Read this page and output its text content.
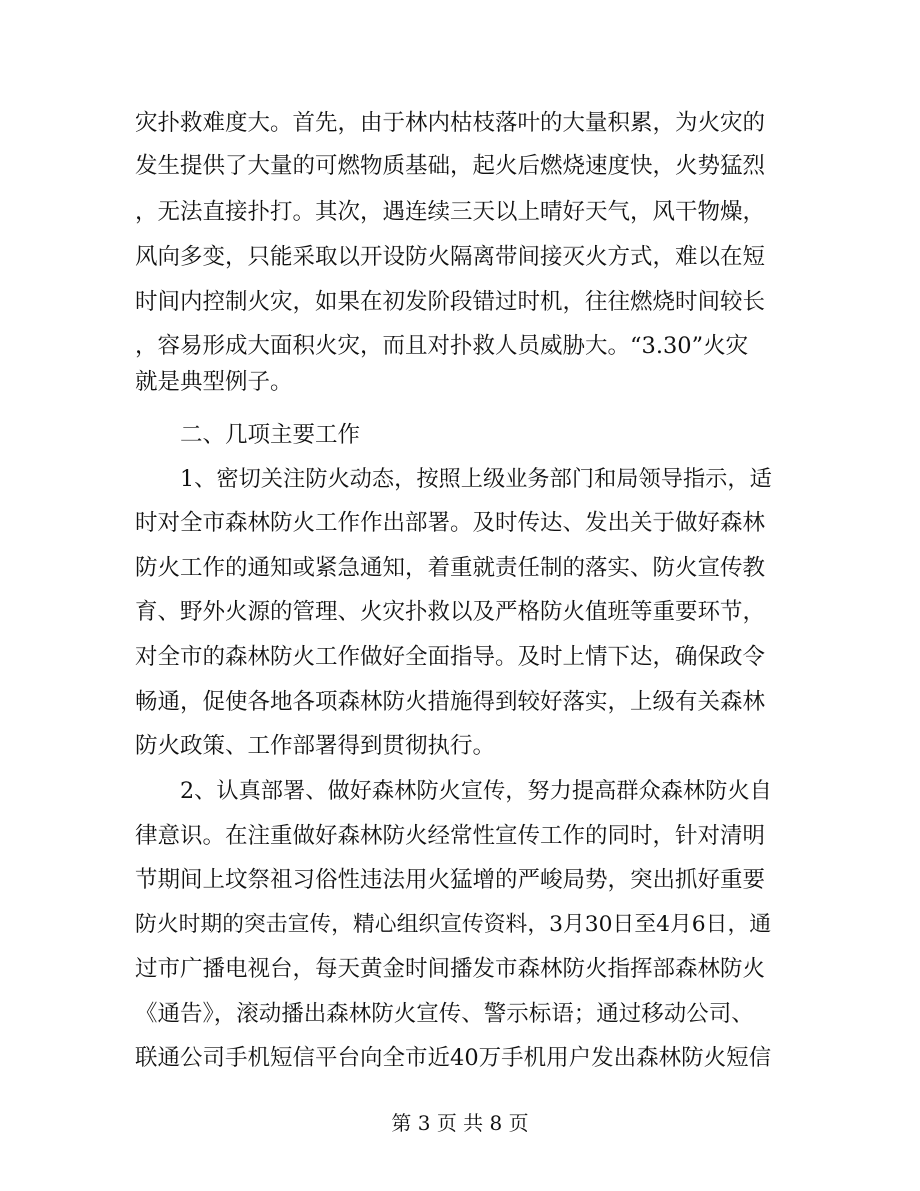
灾扑救难度大。首先，由于林内枯枝落叶的大量积累，为火灾的
发生提供了大量的可燃物质基础，起火后燃烧速度快，火势猛烈
，无法直接扑打。其次，遇连续三天以上晴好天气，风干物燥，
风向多变，只能采取以开设防火隔离带间接灭火方式，难以在短
时间内控制火灾，如果在初发阶段错过时机，往往燃烧时间较长
，容易形成大面积火灾，而且对扑救人员威胁大。“3.30”火灾
就是典型例子。
二、几项主要工作
1、密切关注防火动态，按照上级业务部门和局领导指示，适
时对全市森林防火工作作出部署。及时传达、发出关于做好森林
防火工作的通知或紧急通知，着重就责任制的落实、防火宣传教
育、野外火源的管理、火灾扑救以及严格防火值班等重要环节，
对全市的森林防火工作做好全面指导。及时上情下达，确保政令
畅通，促使各地各项森林防火措施得到较好落实，上级有关森林
防火政策、工作部署得到贯彻执行。
2、认真部署、做好森林防火宣传，努力提高群众森林防火自
律意识。在注重做好森林防火经常性宣传工作的同时，针对清明
节期间上坟祭祖习俗性违法用火猛增的严峻局势，突出抓好重要
防火时期的突击宣传，精心组织宣传资料，3月30日至4月6日，通
过市广播电视台，每天黄金时间播发市森林防火指挥部森林防火
《通告》，滚动播出森林防火宣传、警示标语；通过移动公司、
联通公司手机短信平台向全市近40万手机用户发出森林防火短信
第 3 页 共 8 页
